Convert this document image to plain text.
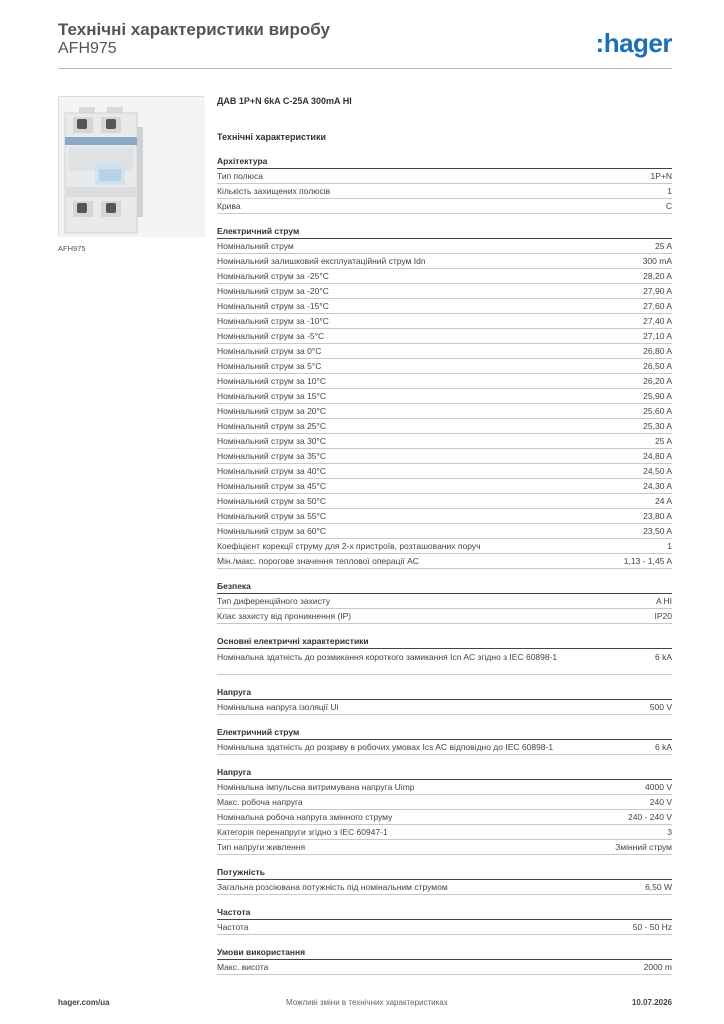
Технічні характеристики виробу
AFH975	:hager
AFH975
ДАВ 1P+N 6kA C-25A 300mA HI
Технічні характеристики
Архітектура
Тип полюса	1P+N
Кількість захищених полюсів	1
Крива	C
Електричний струм
Номінальний струм	25 A
Номінальний залишковий експлуатаційний струм Idn	300 mA
Номінальний струм за -25°C	28,20 A
Номінальний струм за -20°C	27,90 A
Номінальний струм за -15°C	27,60 A
Номінальний струм за -10°C	27,40 A
Номінальний струм за -5°C	27,10 A
Номінальний струм за 0°C	26,80 A
Номінальний струм за 5°C	26,50 A
Номінальний струм за 10°C	26,20 A
Номінальний струм за 15°C	25,90 A
Номінальний струм за 20°C	25,60 A
Номінальний струм за 25°C	25,30 A
Номінальний струм за 30°C	25 A
Номінальний струм за 35°C	24,80 A
Номінальний струм за 40°C	24,50 A
Номінальний струм за 45°C	24,30 A
Номінальний струм за 50°C	24 A
Номінальний струм за 55°C	23,80 A
Номінальний струм за 60°C	23,50 A
Коефіцієнт корекції струму для 2-х пристроїв, розташованих поруч	1
Мін./макс. порогове значення теплової операції AC	1,13 - 1,45 A
Безпека
Тип диференційного захисту	A HI
Клас захисту від проникнення (IP)	IP20
Основні електричні характеристики
Номінальна здатність до розмикання короткого замикання Icn AC згідно з IEC 60898-1	6 kA
Напруга
Номінальна напруга ізоляції Ui	500 V
Електричний струм
Номінальна здатність до розриву в робочих умовах Ics AC відповідно до IEC 60898-1	6 kA
Напруга
Номінальна імпульсна витримувана напруга Uimp	4000 V
Макс. робоча напруга	240 V
Номінальна робоча напруга змінного струму	240 - 240 V
Категорія перенапруги згідно з IEC 60947-1	3
Тип напруги живлення	Змінний струм
Потужність
Загальна розсіювана потужність під номінальним струмом	6,50 W
Частота
Частота	50 - 50 Hz
Умови використання
Макс. висота	2000 m
hager.com/ua	Можливі зміни в технічних характеристиках	10.07.2026
